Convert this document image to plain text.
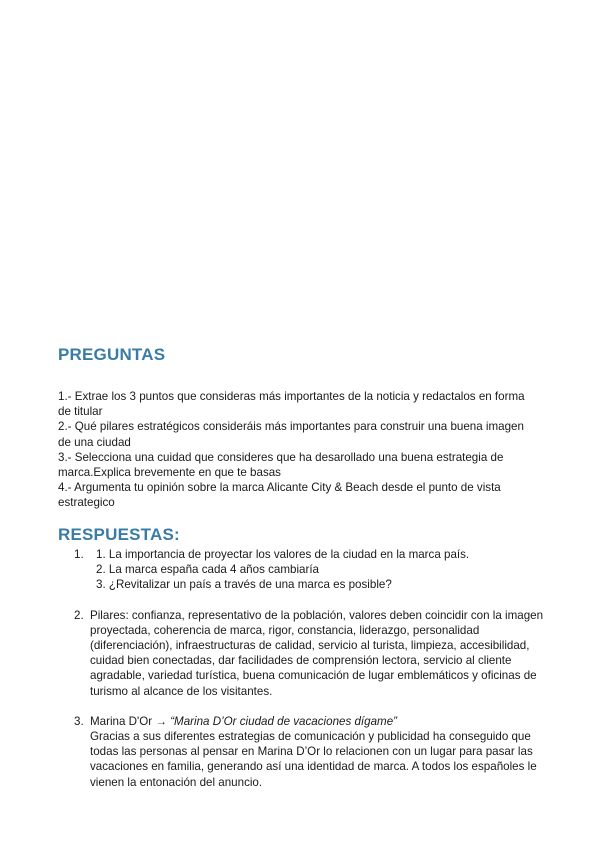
PREGUNTAS

1.- Extrae los 3 puntos que consideras más importantes de la noticia y redactalos en forma de titular

2.- Qué pilares estratégicos consideráis más importantes para construir una buena imagen de una ciudad

3.- Selecciona una cuidad que consideres que ha desarollado una buena estrategia de marca.Explica brevemente en que te basas

4.- Argumenta tu opinión sobre la marca Alicante City & Beach desde el punto de vista estrategico

RESPUESTAS:
1.	1. La importancia de proyectar los valores de la ciudad en la marca país.

2. La marca españa cada 4 años cambiaría

3. ¿Revitalizar un país a través de una marca es posible?

2. Pilares: confianza, representativo de la población, valores deben coincidir con la imagen proyectada, coherencia de marca, rigor, constancia, liderazgo, personalidad (diferenciación), infraestructuras de calidad, servicio al turista, limpieza, accesibilidad, cuidad bien conectadas, dar facilidades de comprensión lectora, servicio al cliente agradable, variedad turística, buena comunicación de lugar emblemáticos y oficinas de turismo al alcance de los visitantes.

3. Marina D'Or → “Marina D’Or ciudad de vacaciones dígame”

Gracias a sus diferentes estrategias de comunicación y publicidad ha conseguido que todas las personas al pensar en Marina D’Or lo relacionen con un lugar para pasar las vacaciones en familia, generando así una identidad de marca. A todos los españoles le vienen la entonación del anuncio.
